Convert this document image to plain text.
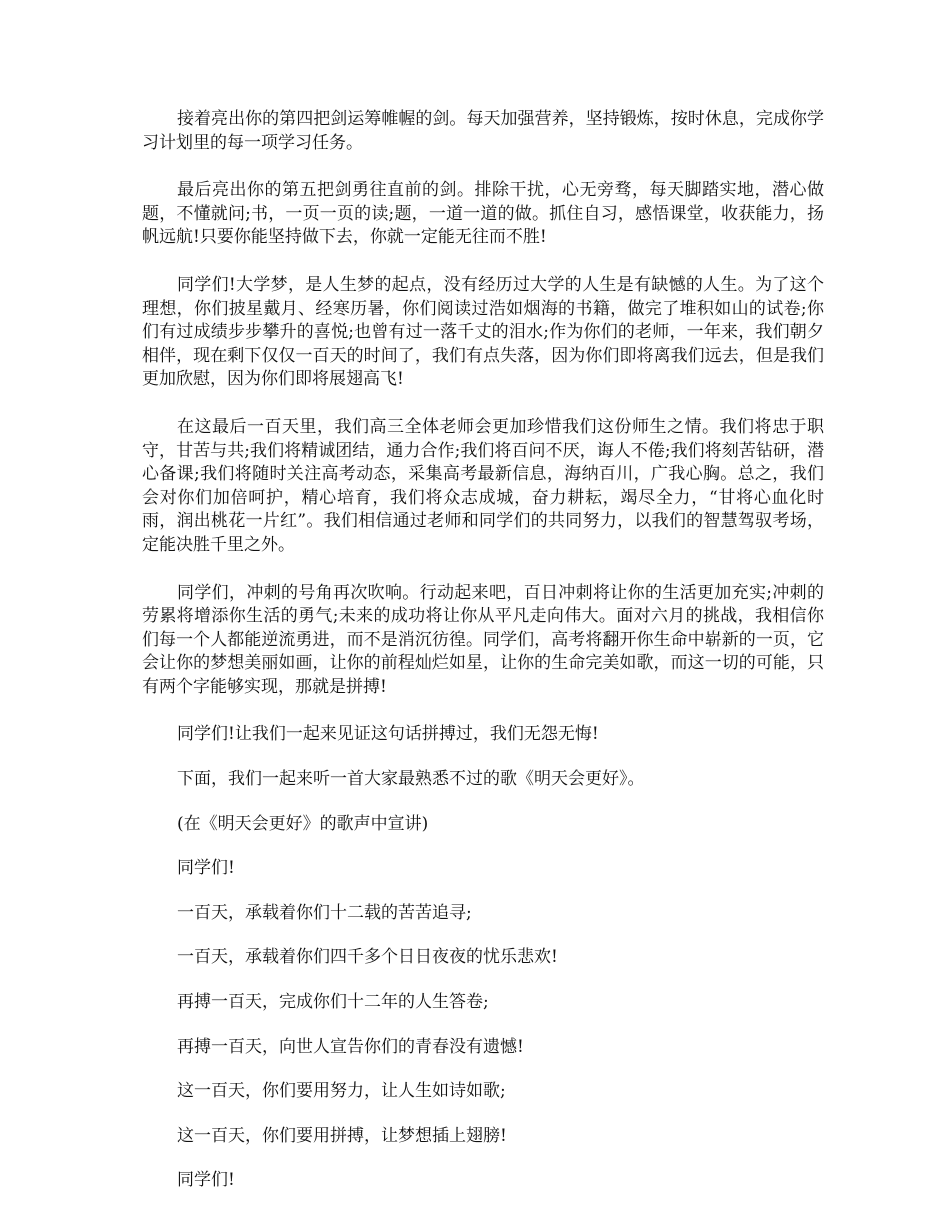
接着亮出你的第四把剑运筹帷幄的剑。每天加强营养，坚持锻炼，按时休息，完成你学习计划里的每一项学习任务。

最后亮出你的第五把剑勇往直前的剑。排除干扰，心无旁骛，每天脚踏实地，潜心做题，不懂就问;书，一页一页的读;题，一道一道的做。抓住自习，感悟课堂，收获能力，扬帆远航!只要你能坚持做下去，你就一定能无往而不胜!

同学们!大学梦，是人生梦的起点，没有经历过大学的人生是有缺憾的人生。为了这个理想，你们披星戴月、经寒历暑，你们阅读过浩如烟海的书籍，做完了堆积如山的试卷;你们有过成绩步步攀升的喜悦;也曾有过一落千丈的泪水;作为你们的老师，一年来，我们朝夕相伴，现在剩下仅仅一百天的时间了，我们有点失落，因为你们即将离我们远去，但是我们更加欣慰，因为你们即将展翅高飞!

在这最后一百天里，我们高三全体老师会更加珍惜我们这份师生之情。我们将忠于职守，甘苦与共;我们将精诚团结，通力合作;我们将百问不厌，诲人不倦;我们将刻苦钻研，潜心备课;我们将随时关注高考动态，采集高考最新信息，海纳百川，广我心胸。总之，我们会对你们加倍呵护，精心培育，我们将众志成城，奋力耕耘，竭尽全力，“甘将心血化时雨，润出桃花一片红”。我们相信通过老师和同学们的共同努力，以我们的智慧驾驭考场，定能决胜千里之外。

同学们，冲刺的号角再次吹响。行动起来吧，百日冲刺将让你的生活更加充实;冲刺的劳累将增添你生活的勇气;未来的成功将让你从平凡走向伟大。面对六月的挑战，我相信你们每一个人都能逆流勇进，而不是消沉彷徨。同学们，高考将翻开你生命中崭新的一页，它会让你的梦想美丽如画，让你的前程灿烂如星，让你的生命完美如歌，而这一切的可能，只有两个字能够实现，那就是拼搏!

同学们!让我们一起来见证这句话拼搏过，我们无怨无悔!

下面，我们一起来听一首大家最熟悉不过的歌《明天会更好》。

(在《明天会更好》的歌声中宣讲)

同学们!

一百天，承载着你们十二载的苦苦追寻;

一百天，承载着你们四千多个日日夜夜的忧乐悲欢!

再搏一百天，完成你们十二年的人生答卷;

再搏一百天，向世人宣告你们的青春没有遗憾!

这一百天，你们要用努力，让人生如诗如歌;

这一百天，你们要用拼搏，让梦想插上翅膀!

同学们!
